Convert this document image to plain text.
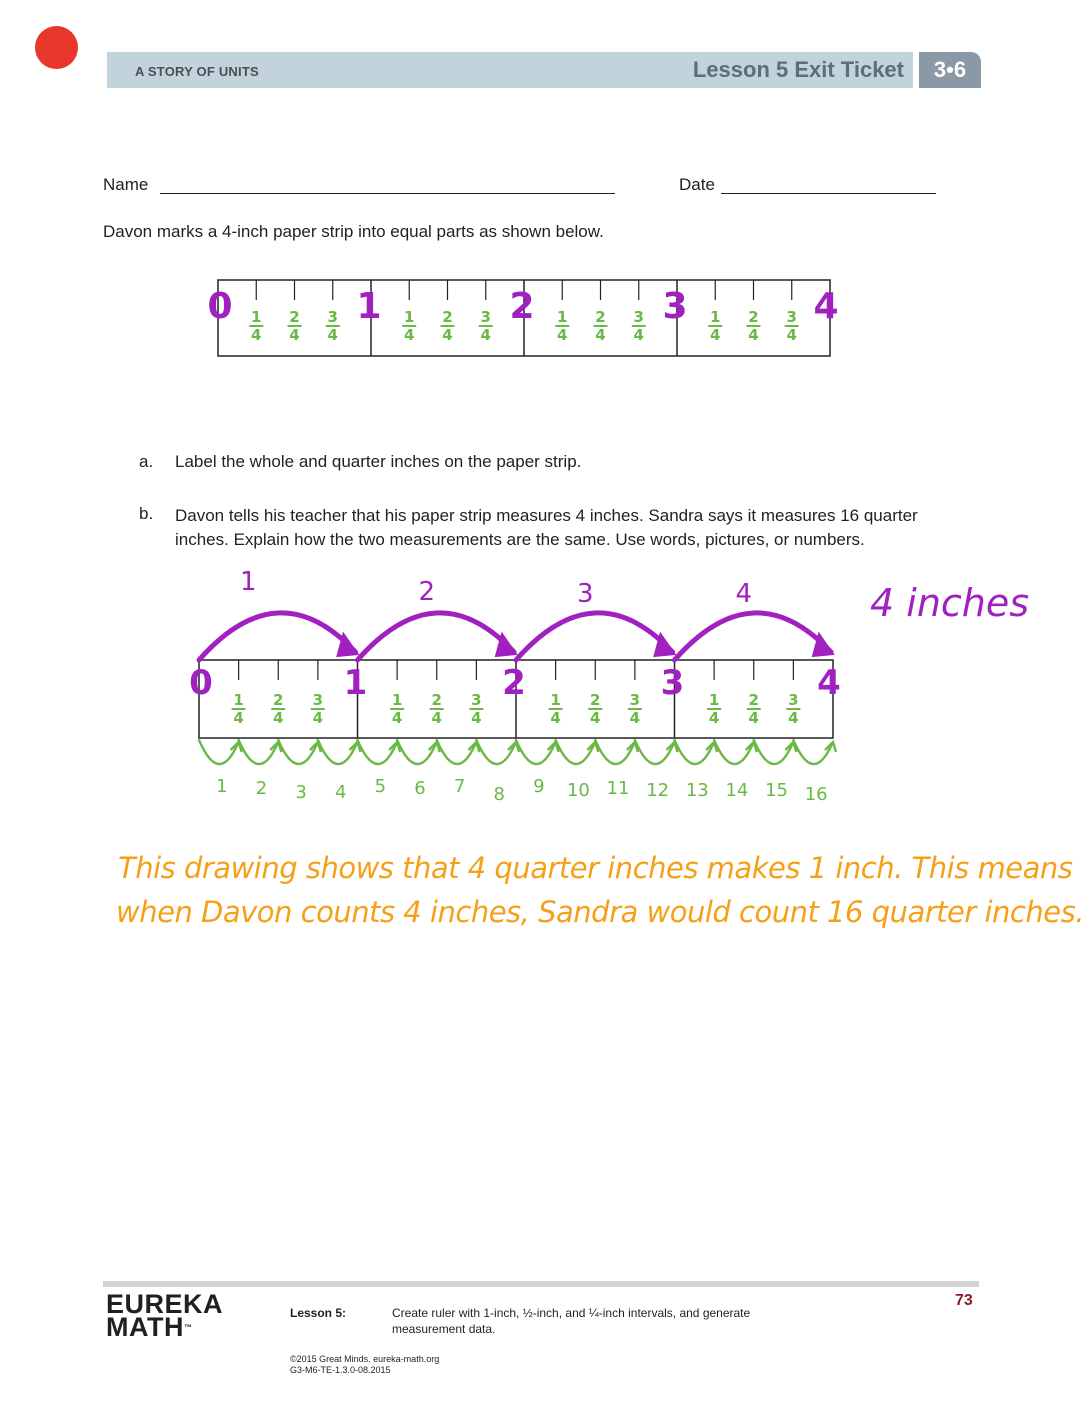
A STORY OF UNITS	Lesson 5 Exit Ticket	3•6
Name	Date
Davon marks a 4-inch paper strip into equal parts as shown below.
1
4
2
4
3
4
1
4
2
4
3
4
1
4
2
4
3
4
1
4
2
4
3
4
0	1	2	3	4
a. Label the whole and quarter inches on the paper strip.
b. Davon tells his teacher that his paper strip measures 4 inches. Sandra says it measures 16 quarter inches. Explain how the two measurements are the same. Use words, pictures, or numbers.
1
4
2
4
3
4
1
4
2
4
3
4
1
4
2
4
3
4
1
4
2
4
3
4
0	1	2	3	4
1	2	3	4	4 inches
1 2 3 4 5 6 7 8 9 10 11 12 13 14 15 16
This drawing shows that 4 quarter inches makes 1 inch. This means
when Davon counts 4 inches, Sandra would count 16 quarter inches.
EUREKA
MATH™
Lesson 5:	Create ruler with 1-inch, ½-inch, and ¼-inch intervals, and generate
measurement data.
©2015 Great Minds. eureka-math.org
G3-M6-TE-1.3.0-08.2015
73
